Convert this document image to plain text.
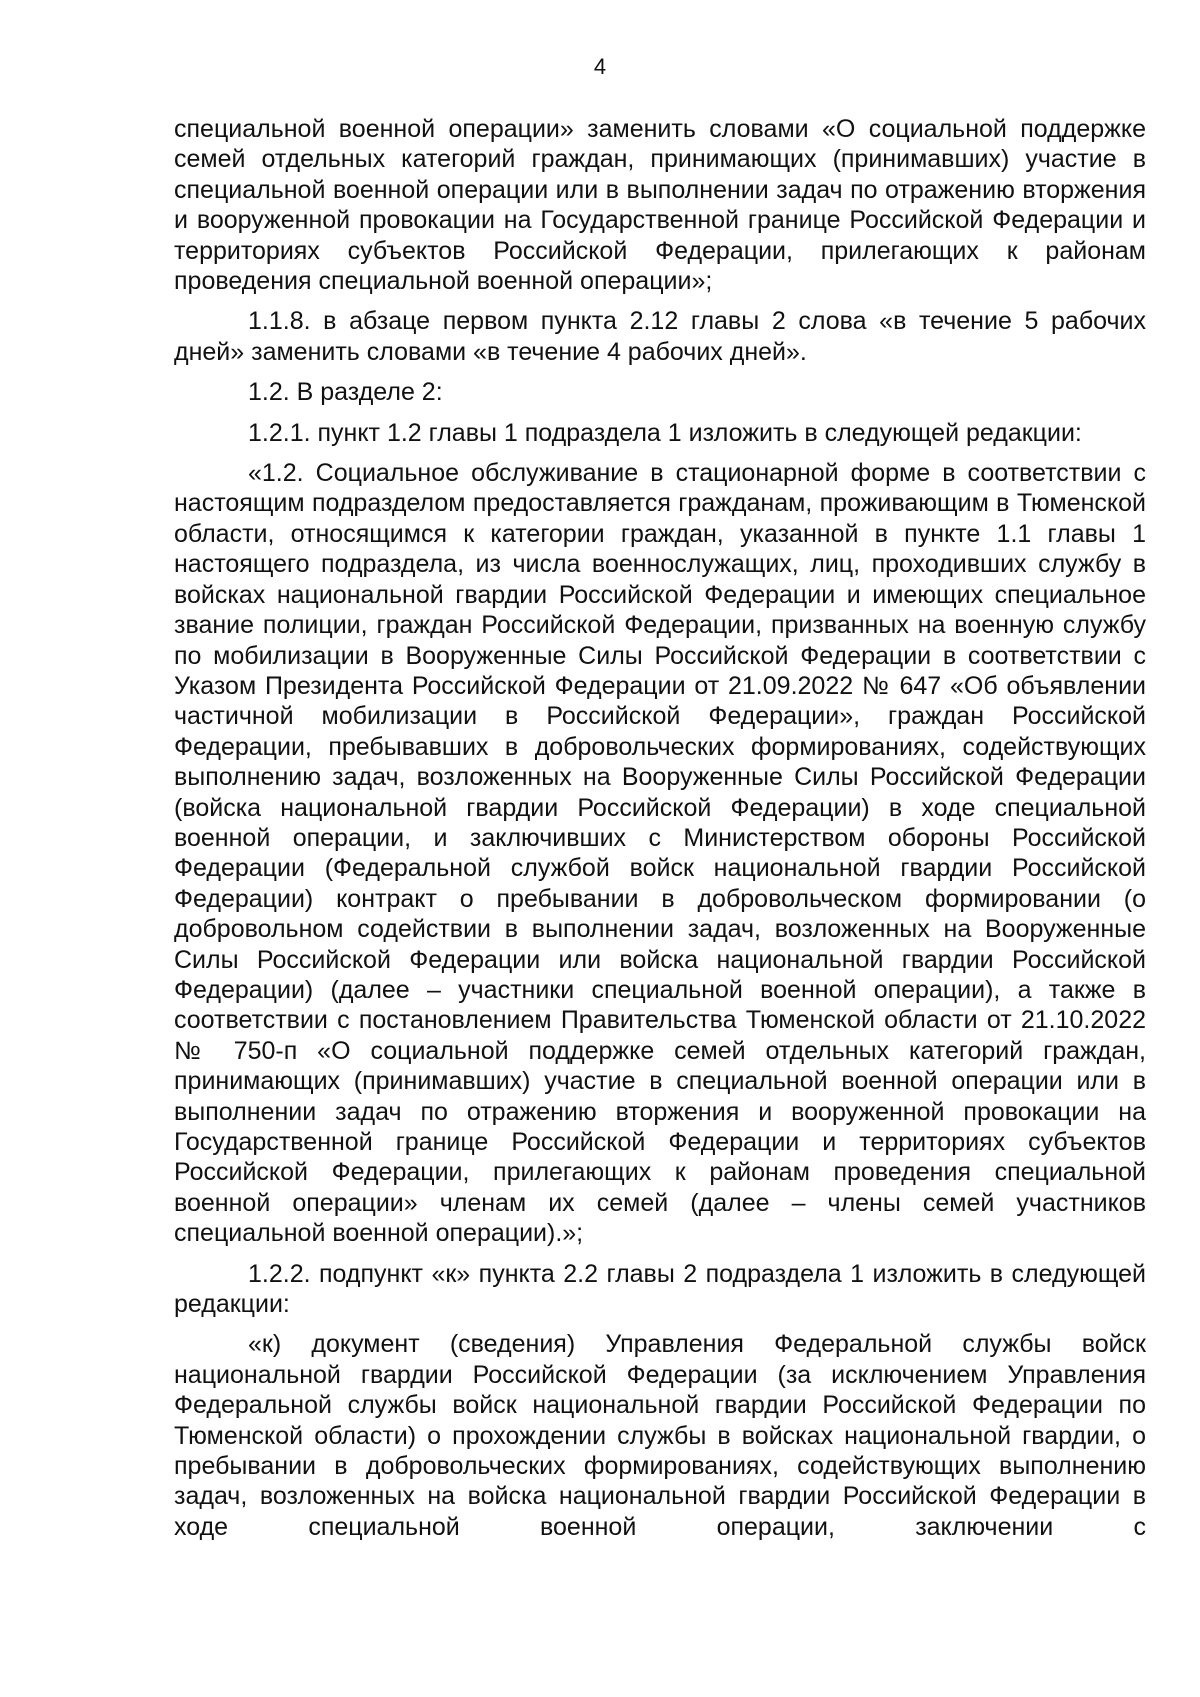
4

специальной военной операции» заменить словами «О социальной поддержке семей отдельных категорий граждан, принимающих (принимавших) участие в специальной военной операции или в выполнении задач по отражению вторжения и вооруженной провокации на Государственной границе Российской Федерации и территориях субъектов Российской Федерации, прилегающих к районам проведения специальной военной операции»;

1.1.8. в абзаце первом пункта 2.12 главы 2 слова «в течение 5 рабочих дней» заменить словами «в течение 4 рабочих дней».

1.2. В разделе 2:

1.2.1. пункт 1.2 главы 1 подраздела 1 изложить в следующей редакции:

«1.2. Социальное обслуживание в стационарной форме в соответствии с настоящим подразделом предоставляется гражданам, проживающим в Тюменской области, относящимся к категории граждан, указанной в пункте 1.1 главы 1 настоящего подраздела, из числа военнослужащих, лиц, проходивших службу в войсках национальной гвардии Российской Федерации и имеющих специальное звание полиции, граждан Российской Федерации, призванных на военную службу по мобилизации в Вооруженные Силы Российской Федерации в соответствии с Указом Президента Российской Федерации от 21.09.2022 № 647 «Об объявлении частичной мобилизации в Российской Федерации», граждан Российской Федерации, пребывавших в добровольческих формированиях, содействующих выполнению задач, возложенных на Вооруженные Силы Российской Федерации (войска национальной гвардии Российской Федерации) в ходе специальной военной операции, и заключивших с Министерством обороны Российской Федерации (Федеральной службой войск национальной гвардии Российской Федерации) контракт о пребывании в добровольческом формировании (о добровольном содействии в выполнении задач, возложенных на Вооруженные Силы Российской Федерации или войска национальной гвардии Российской Федерации) (далее – участники специальной военной операции), а также в соответствии с постановлением Правительства Тюменской области от 21.10.2022 № 750-п «О социальной поддержке семей отдельных категорий граждан, принимающих (принимавших) участие в специальной военной операции или в выполнении задач по отражению вторжения и вооруженной провокации на Государственной границе Российской Федерации и территориях субъектов Российской Федерации, прилегающих к районам проведения специальной военной операции» членам их семей (далее – члены семей участников специальной военной операции).»;

1.2.2. подпункт «к» пункта 2.2 главы 2 подраздела 1 изложить в следующей редакции:

«к) документ (сведения) Управления Федеральной службы войск национальной гвардии Российской Федерации (за исключением Управления Федеральной службы войск национальной гвардии Российской Федерации по Тюменской области) о прохождении службы в войсках национальной гвардии, о пребывании в добровольческих формированиях, содействующих выполнению задач, возложенных на войска национальной гвардии Российской Федерации в ходе специальной военной операции, заключении с
